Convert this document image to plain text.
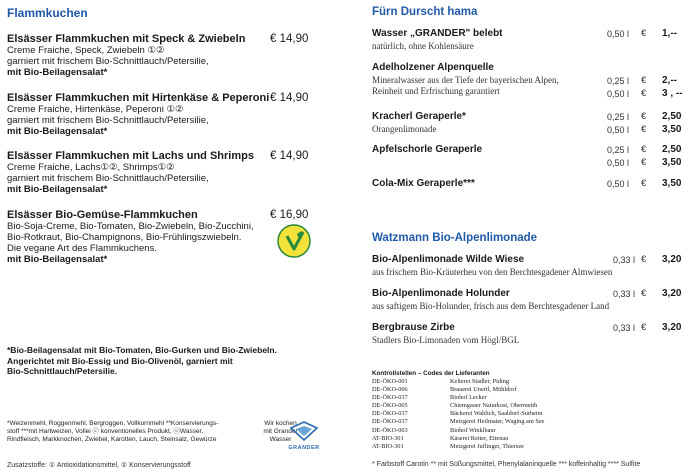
Flammkuchen
Elsässer Flammkuchen mit Speck & Zwiebeln
Creme Fraiche, Speck, Zwiebeln ①②
garniert mit frischem Bio-Schnittlauch/Petersilie,
mit Bio-Beilagensalat*
€ 14,90
Elsässer Flammkuchen mit Hirtenkäse & Peperoni
Creme Fraiche, Hirtenkäse, Peperoni ①②
garniert mit frischem Bio-Schnittlauch/Petersilie,
mit Bio-Beilagensalat*
€ 14,90
Elsässer Flammkuchen mit Lachs und Shrimps
Creme Fraiche, Lachs①②, Shrimps①②
garniert mit frischem Bio-Schnittlauch/Petersilie,
mit Bio-Beilagensalat*
€ 14,90
Elsässer Bio-Gemüse-Flammkuchen
Bio-Soja-Creme, Bio-Tomaten, Bio-Zwiebeln, Bio-Zucchini,
Bio-Rotkraut, Bio-Champignons, Bio-Frühlingszwiebeln.
Die vegane Art des Flammkuchens.
mit Bio-Beilagensalat*
€ 16,90
*Bio-Beilagensalat mit Bio-Tomaten, Bio-Gurken und Bio-Zwiebeln.
Angerichtet mit Bio-Essig und Bio-Olivenöl, garniert mit
Bio-Schnittlauch/Petersilie.
*Weizenmehl, Roggenmehl, Bergroggen, Vollkornmehl **Konservierungs-
stoff ***mit Hartweizen, Vollei ⓒ konventionelles Produkt, ⓔWasser,
Rindfleisch, Markknochen, Zwiebel, Karotten, Lauch, Steinsalz, Gewürze
Wir kochen
mit Grander
Wasser
GRANDER
Zusatzstoffe: ① Antioxidationsmittel, ② Konservierungsstoff
Fürn Durscht hama
Wasser „GRANDER" belebt
natürlich, ohne Kohlensäure
0,50 l € 1,--
Adelholzener Alpenquelle
Mineralwasser aus der Tiefe der bayerischen Alpen,
Reinheit und Erfrischung garantiert
0,25 l € 2,--
0,50 l € 3 , --
Kracherl Geraperle*
Orangenlimonade
0,25 l € 2,50
0,50 l € 3,50
Apfelschorle Geraperle	0,25 l € 2,50
0,50 l € 3,50
Cola-Mix Geraperle***	0,50 l € 3,50
Watzmann Bio-Alpenlimonade
Bio-Alpenlimonade Wilde Wiese
aus frischem Bio-Kräuterheu von den Berchtesgadener Almwiesen
0,33 l	3,20
€
Bio-Alpenlimonade Holunder
aus saftigem Bio-Holunder, frisch aus dem Berchtesgadener Land
0,33 l	3,20
€
Bergbrause Zirbe
Stadlers Bio-Limonaden vom Högl/BGL
0,33 l	3,20
€
Kontrollstellen – Codes der Lieferanten
DE-ÖKO-001	Kelterei Stadler, Piding
DE-ÖKO-006	Brauerei Unertl, Mühldorf
DE-ÖKO-037	Biohof Lecker
DE-ÖKO-005	Chiemgauer Naturkost, Obermeith
DE-ÖKO-037	Bäckerei Wahlich, Saaldorf-Surheim
DE-ÖKO-037	Metzgerei Heilmaier, Waging am See
DE-ÖKO-003	Biohof Winklbaur
AT-BIO-301	Käserei Reiter, Ettenau
AT-BIO-301	Metzgerei Juflinger, Thiersee
* Farbstoff Carotin ** mit Süßungsmittel, Phenylalaninquelle *** koffeinhaltig **** Sulfite
